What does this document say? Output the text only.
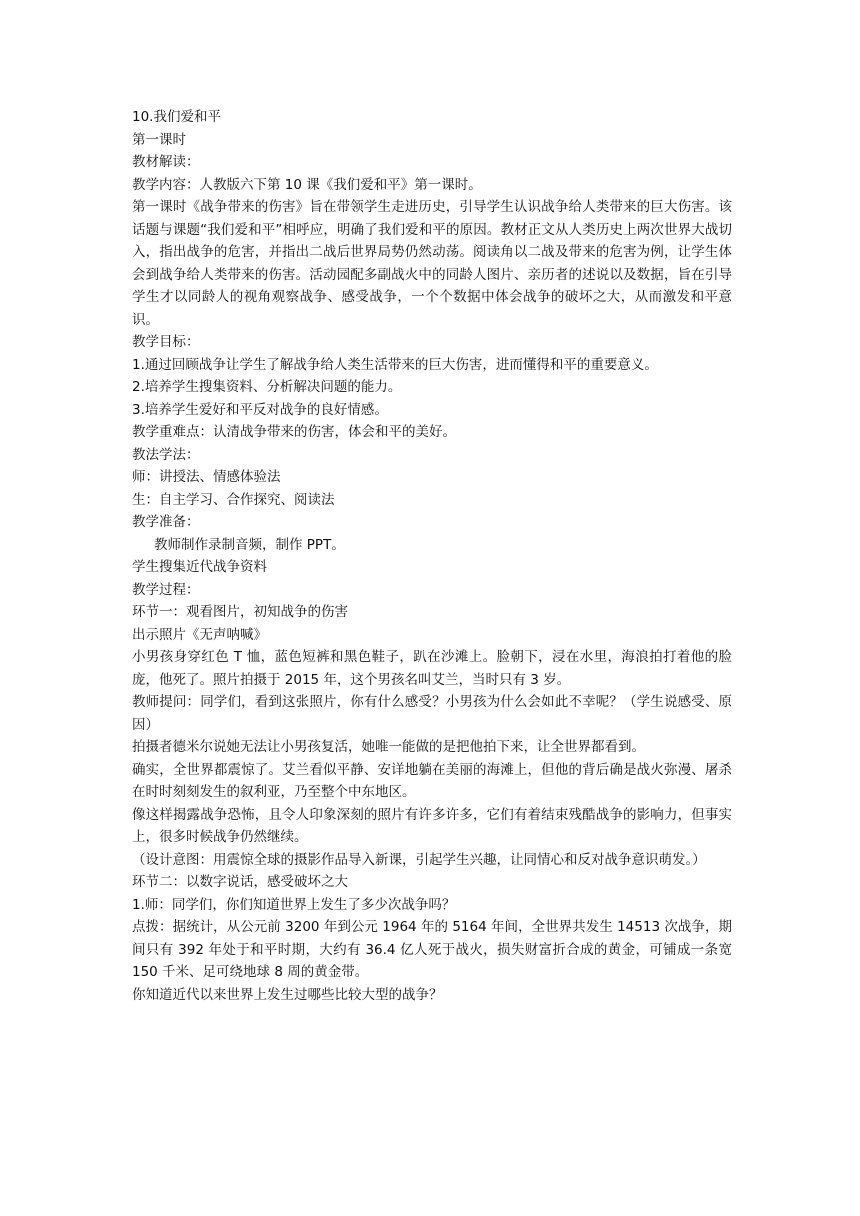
10.我们爱和平

第一课时

教材解读：

教学内容：人教版六下第 10 课《我们爱和平》第一课时。

第一课时《战争带来的伤害》旨在带领学生走进历史，引导学生认识战争给人类带来的巨大伤害。该话题与课题“我们爱和平”相呼应，明确了我们爱和平的原因。教材正文从人类历史上两次世界大战切入，指出战争的危害，并指出二战后世界局势仍然动荡。阅读角以二战及带来的危害为例，让学生体会到战争给人类带来的伤害。活动园配多副战火中的同龄人图片、亲历者的述说以及数据，旨在引导学生才以同龄人的视角观察战争、感受战争，一个个数据中体会战争的破坏之大，从而激发和平意识。

教学目标：

1.通过回顾战争让学生了解战争给人类生活带来的巨大伤害，进而懂得和平的重要意义。

2.培养学生搜集资料、分析解决问题的能力。

3.培养学生爱好和平反对战争的良好情感。

教学重难点：认清战争带来的伤害，体会和平的美好。

教法学法：

师：讲授法、情感体验法

生：自主学习、合作探究、阅读法

教学准备：

教师制作录制音频，制作 PPT。

学生搜集近代战争资料

教学过程：

环节一：观看图片，初知战争的伤害

出示照片《无声呐喊》

小男孩身穿红色 T 恤，蓝色短裤和黑色鞋子，趴在沙滩上。脸朝下，浸在水里，海浪拍打着他的脸庞，他死了。照片拍摄于 2015 年，这个男孩名叫艾兰，当时只有 3 岁。

教师提问：同学们，看到这张照片，你有什么感受？小男孩为什么会如此不幸呢？（学生说感受、原因）

拍摄者德米尔说她无法让小男孩复活，她唯一能做的是把他拍下来，让全世界都看到。

确实，全世界都震惊了。艾兰看似平静、安详地躺在美丽的海滩上，但他的背后确是战火弥漫、屠杀在时时刻刻发生的叙利亚，乃至整个中东地区。

像这样揭露战争恐怖，且令人印象深刻的照片有许多许多，它们有着结束残酷战争的影响力，但事实上，很多时候战争仍然继续。

（设计意图：用震惊全球的摄影作品导入新课，引起学生兴趣，让同情心和反对战争意识萌发。）

环节二：以数字说话，感受破坏之大

1.师：同学们，你们知道世界上发生了多少次战争吗？

点拨：据统计，从公元前 3200 年到公元 1964 年的 5164 年间，全世界共发生 14513 次战争，期间只有 392 年处于和平时期，大约有 36.4 亿人死于战火，损失财富折合成的黄金，可铺成一条宽 150 千米、足可绕地球 8 周的黄金带。

你知道近代以来世界上发生过哪些比较大型的战争？
